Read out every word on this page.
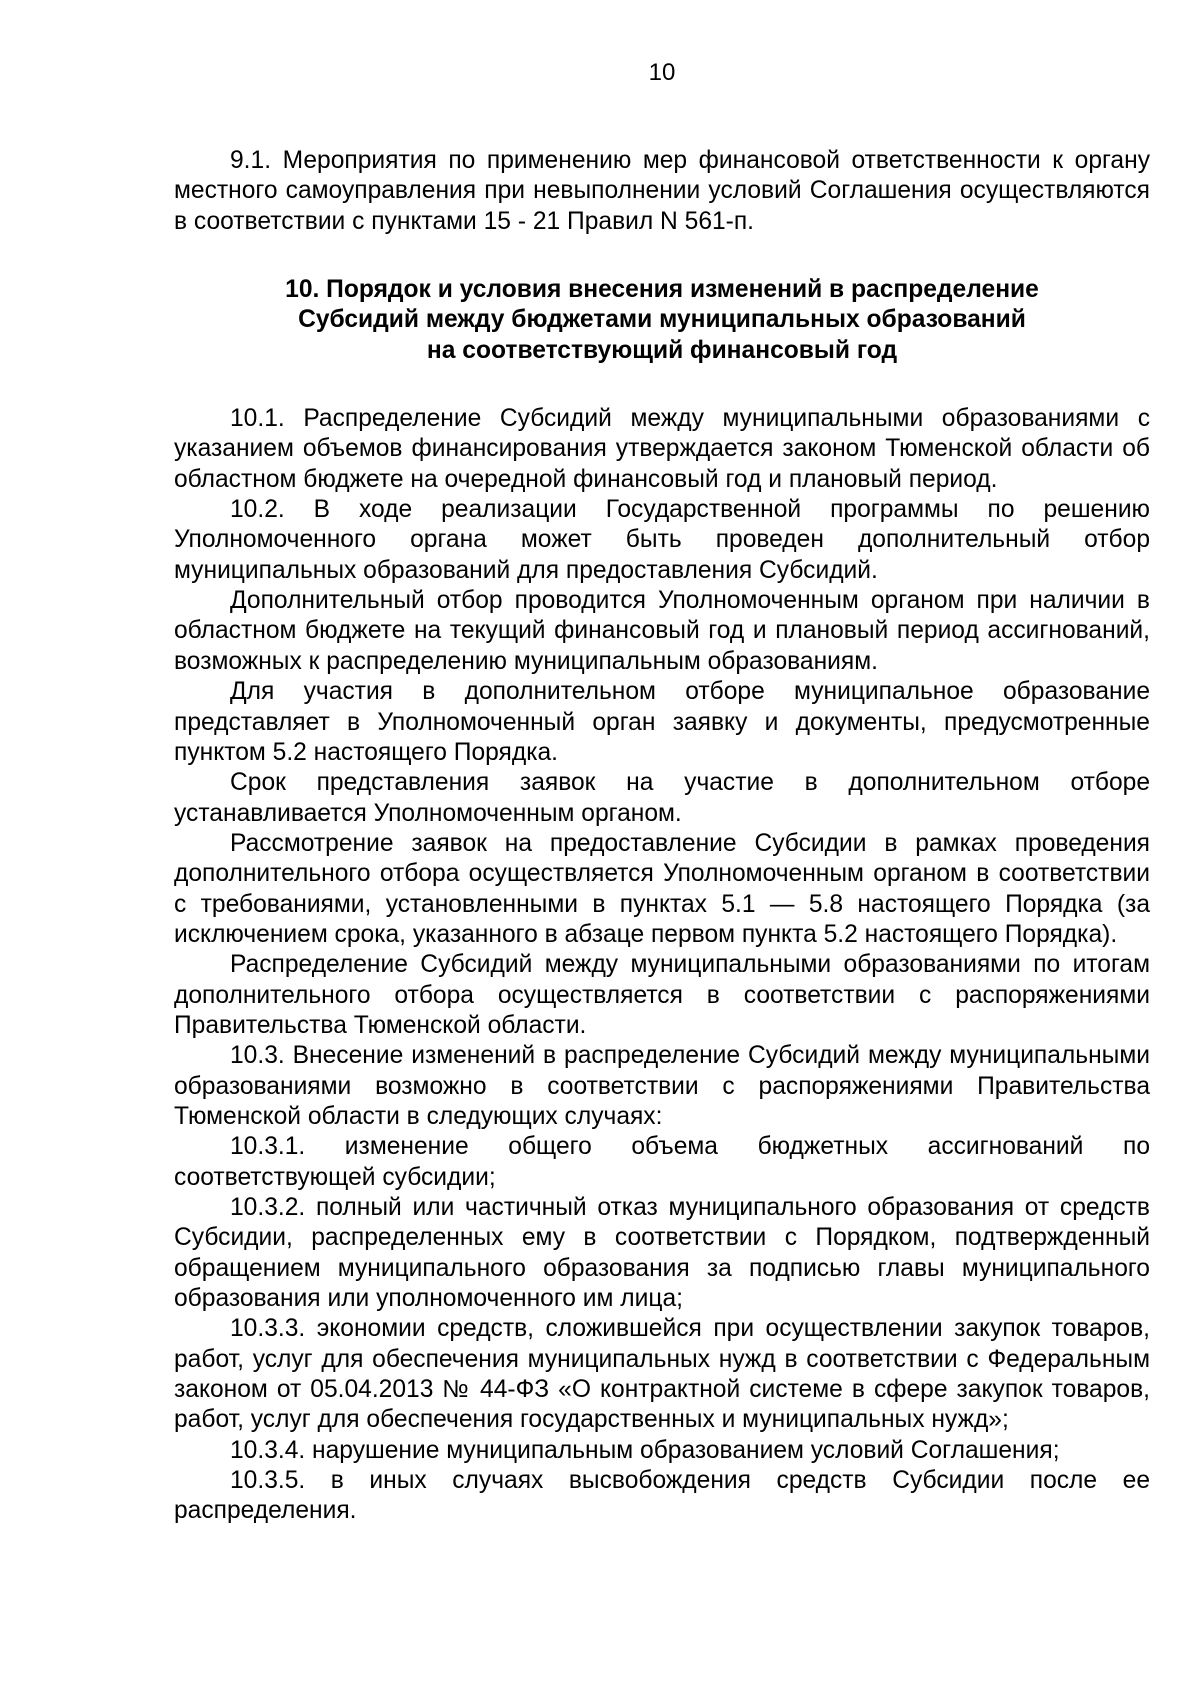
10

9.1. Мероприятия по применению мер финансовой ответственности к органу местного самоуправления при невыполнении условий Соглашения осуществляются в соответствии с пунктами 15 - 21 Правил N 561-п.

10. Порядок и условия внесения изменений в распределение
Субсидий между бюджетами муниципальных образований
на соответствующий финансовый год

10.1. Распределение Субсидий между муниципальными образованиями с указанием объемов финансирования утверждается законом Тюменской области об областном бюджете на очередной финансовый год и плановый период.

10.2. В ходе реализации Государственной программы по решению Уполномоченного органа может быть проведен дополнительный отбор муниципальных образований для предоставления Субсидий.

Дополнительный отбор проводится Уполномоченным органом при наличии в областном бюджете на текущий финансовый год и плановый период ассигнований, возможных к распределению муниципальным образованиям.

Для участия в дополнительном отборе муниципальное образование представляет в Уполномоченный орган заявку и документы, предусмотренные пунктом 5.2 настоящего Порядка.

Срок представления заявок на участие в дополнительном отборе устанавливается Уполномоченным органом.

Рассмотрение заявок на предоставление Субсидии в рамках проведения дополнительного отбора осуществляется Уполномоченным органом в соответствии с требованиями, установленными в пунктах 5.1 — 5.8 настоящего Порядка (за исключением срока, указанного в абзаце первом пункта 5.2 настоящего Порядка).

Распределение Субсидий между муниципальными образованиями по итогам дополнительного отбора осуществляется в соответствии с распоряжениями Правительства Тюменской области.

10.3. Внесение изменений в распределение Субсидий между муниципальными образованиями возможно в соответствии с распоряжениями Правительства Тюменской области в следующих случаях:

10.3.1. изменение общего объема бюджетных ассигнований по соответствующей субсидии;

10.3.2. полный или частичный отказ муниципального образования от средств Субсидии, распределенных ему в соответствии с Порядком, подтвержденный обращением муниципального образования за подписью главы муниципального образования или уполномоченного им лица;

10.3.3. экономии средств, сложившейся при осуществлении закупок товаров, работ, услуг для обеспечения муниципальных нужд в соответствии с Федеральным законом от 05.04.2013 № 44-ФЗ «О контрактной системе в сфере закупок товаров, работ, услуг для обеспечения государственных и муниципальных нужд»;

10.3.4. нарушение муниципальным образованием условий Соглашения;

10.3.5. в иных случаях высвобождения средств Субсидии после ее распределения.
